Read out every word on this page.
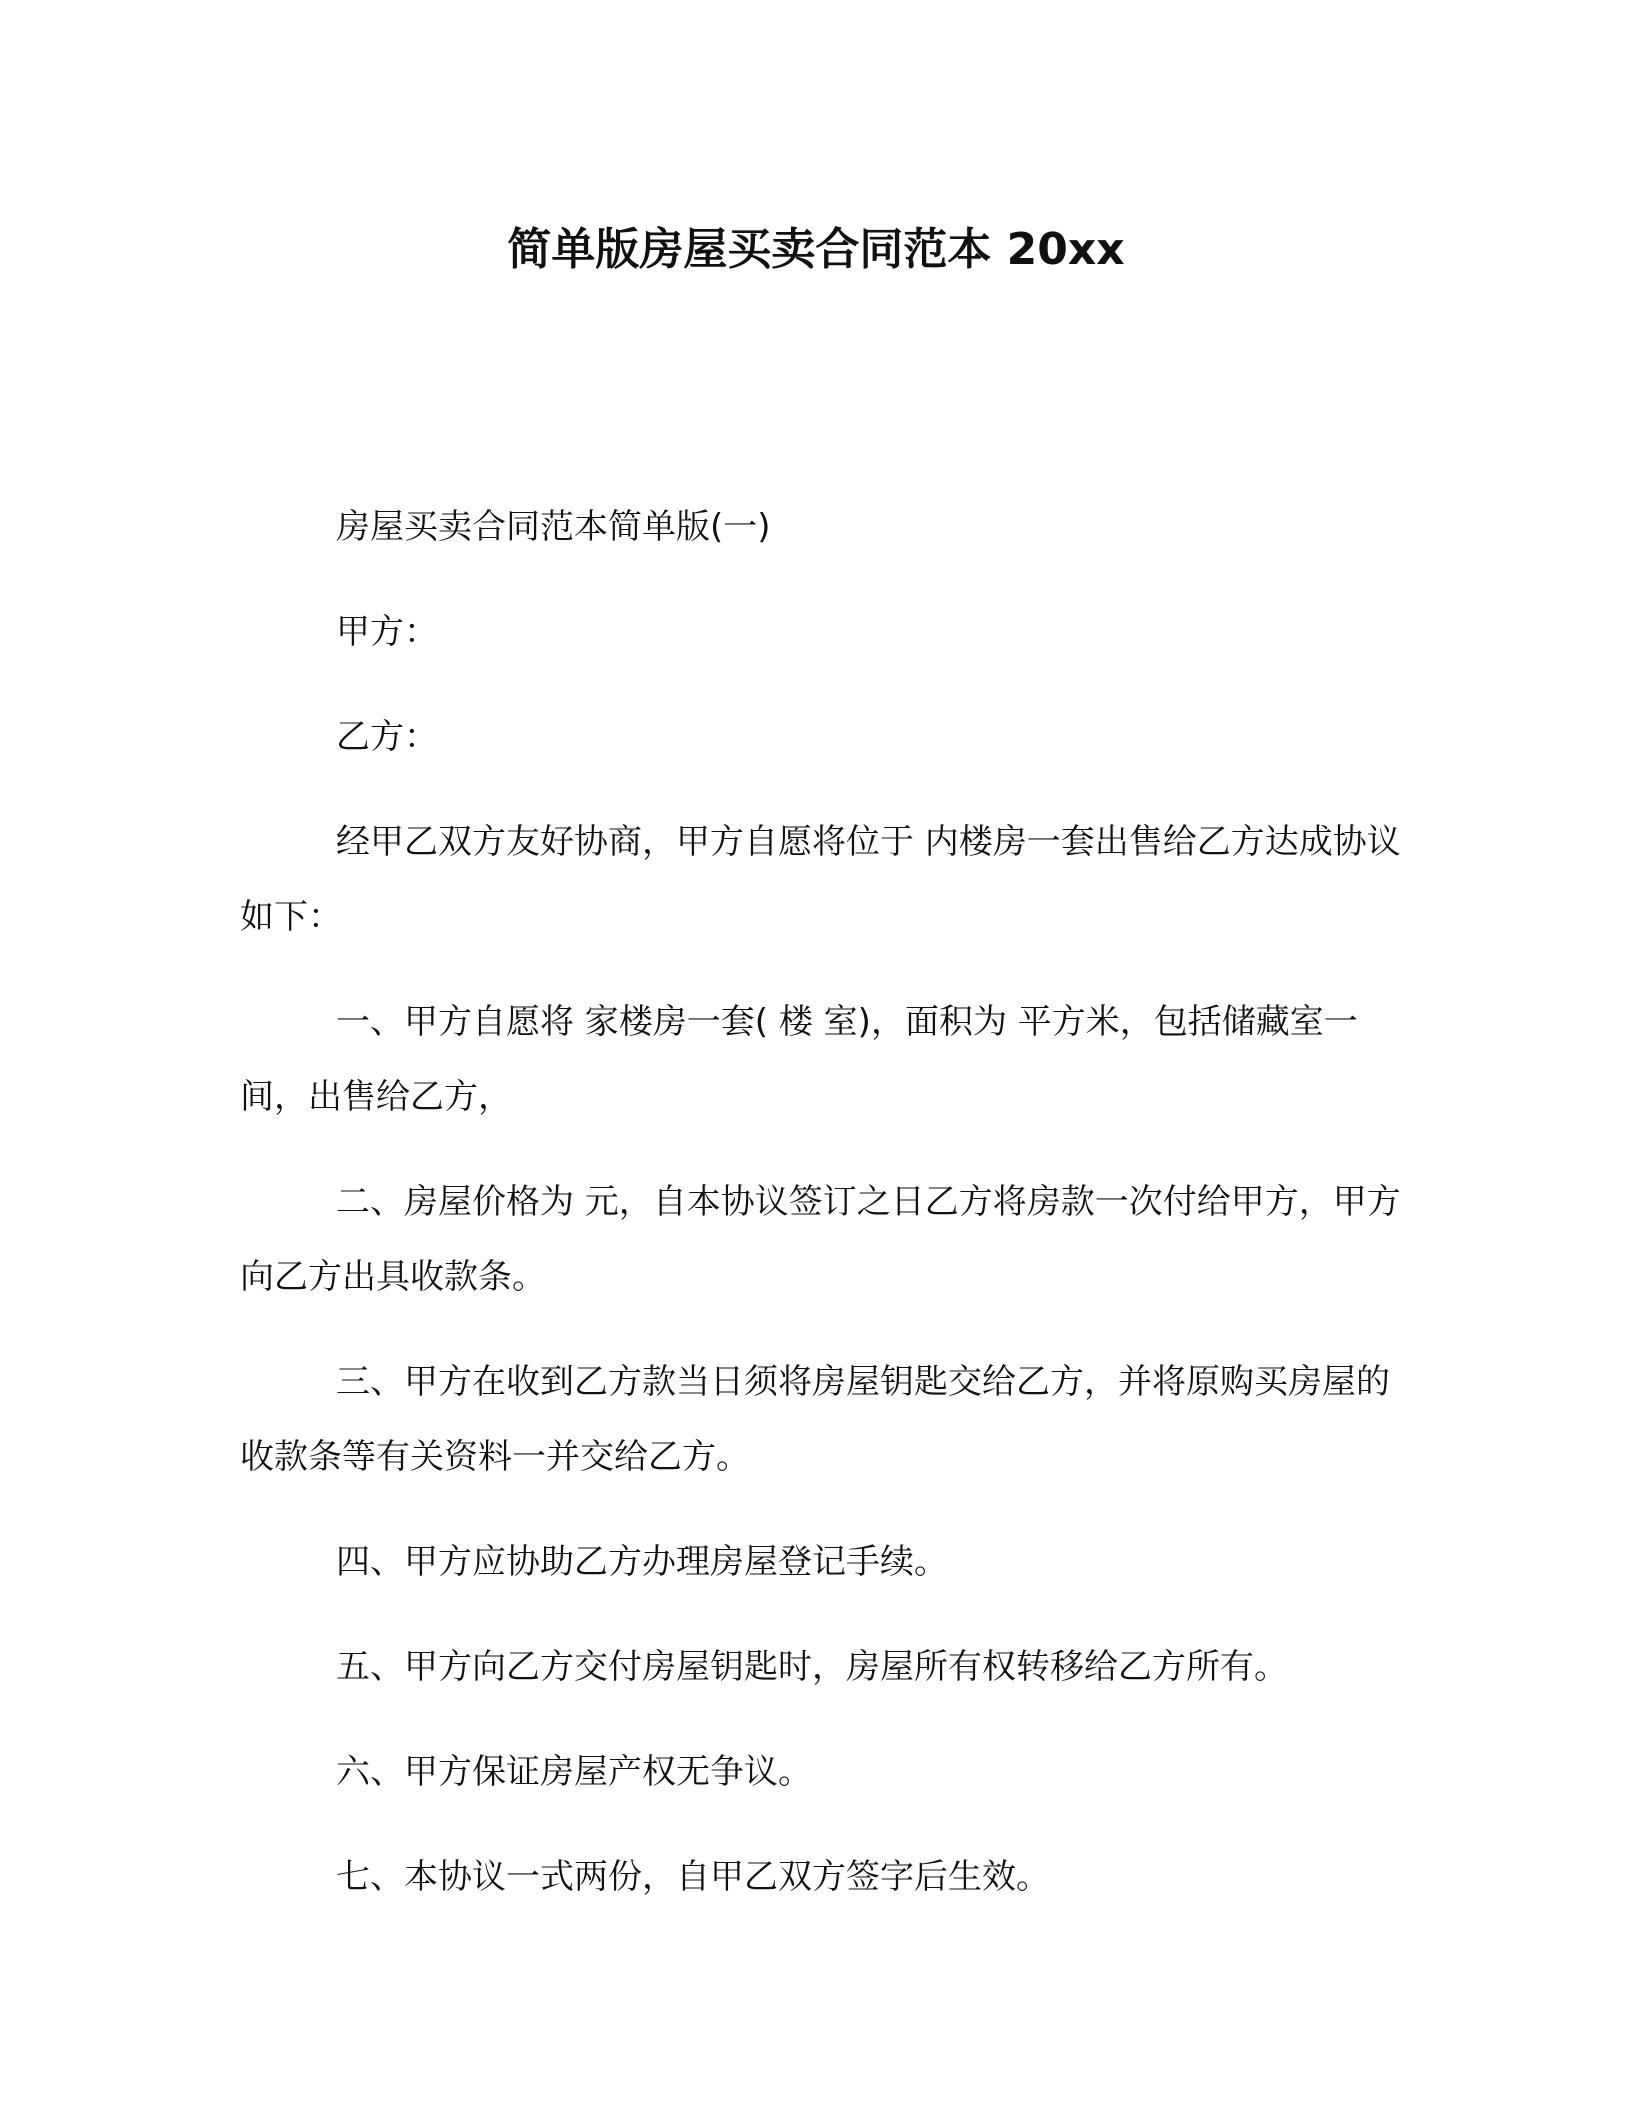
简单版房屋买卖合同范本 20xx

房屋买卖合同范本简单版(一)

甲方：

乙方：

经甲乙双方友好协商，甲方自愿将位于 内楼房一套出售给乙方达成协议如下：

一、甲方自愿将 家楼房一套( 楼 室)，面积为 平方米，包括储藏室一间，出售给乙方，

二、房屋价格为 元，自本协议签订之日乙方将房款一次付给甲方，甲方向乙方出具收款条。

三、甲方在收到乙方款当日须将房屋钥匙交给乙方，并将原购买房屋的收款条等有关资料一并交给乙方。

四、甲方应协助乙方办理房屋登记手续。

五、甲方向乙方交付房屋钥匙时，房屋所有权转移给乙方所有。

六、甲方保证房屋产权无争议。

七、本协议一式两份，自甲乙双方签字后生效。
